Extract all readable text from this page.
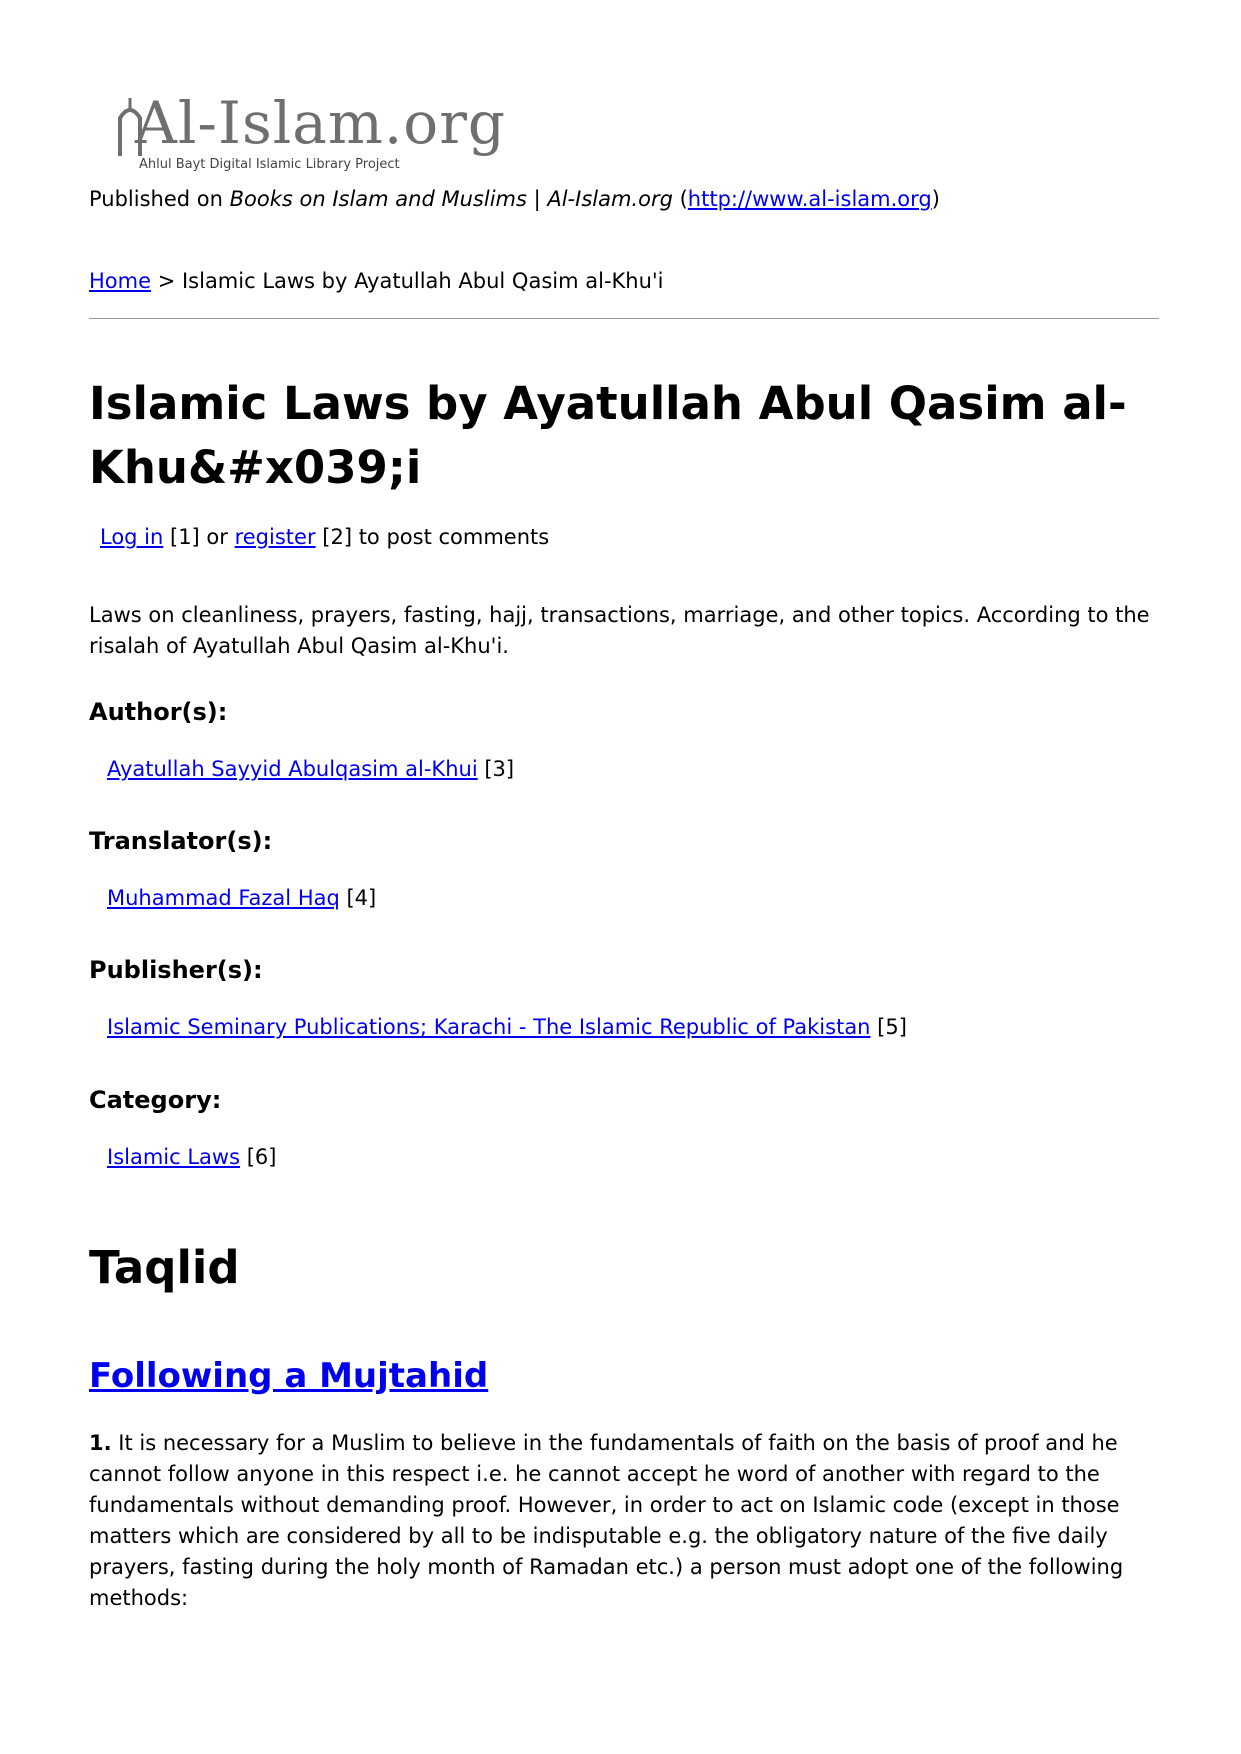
Al-Islam.org
Ahlul Bayt Digital Islamic Library Project
Published on Books on Islam and Muslims | Al-Islam.org (http://www.al-islam.org)
Home > Islamic Laws by Ayatullah Abul Qasim al-Khu'i
Islamic Laws by Ayatullah Abul Qasim al-Khu&#x039;i
Log in [1] or register [2] to post comments

Laws on cleanliness, prayers, fasting, hajj, transactions, marriage, and other topics. According to the risalah of Ayatullah Abul Qasim al-Khu'i.

Author(s):
Ayatullah Sayyid Abulqasim al-Khui [3]
Translator(s):
Muhammad Fazal Haq [4]
Publisher(s):
Islamic Seminary Publications; Karachi - The Islamic Republic of Pakistan [5]
Category:
Islamic Laws [6]
Taqlid
Following a Mujtahid

1. It is necessary for a Muslim to believe in the fundamentals of faith on the basis of proof and he cannot follow anyone in this respect i.e. he cannot accept he word of another with regard to the fundamentals without demanding proof. However, in order to act on Islamic code (except in those matters which are considered by all to be indisputable e.g. the obligatory nature of the five daily prayers, fasting during the holy month of Ramadan etc.) a person must adopt one of the following methods:
